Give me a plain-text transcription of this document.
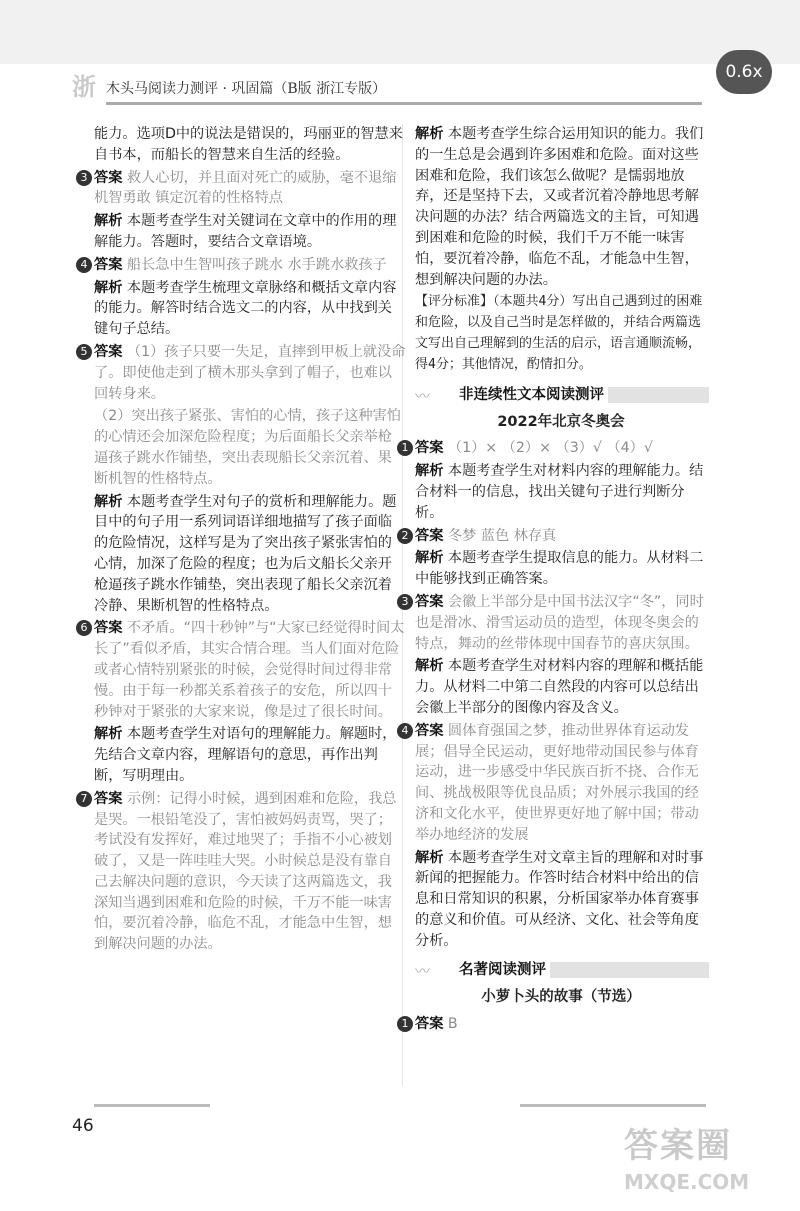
0.6x
浙 木头马阅读力测评 · 巩固篇（B版 浙江专版）
能力。选项D中的说法是错误的，玛丽亚的智慧来自书本，而船长的智慧来自生活的经验。
3 答案 救人心切，并且面对死亡的威胁，毫不退缩 机智勇敢 镇定沉着的性格特点
解析 本题考查学生对关键词在文章中的作用的理解能力。答题时，要结合文章语境。
4 答案 船长急中生智叫孩子跳水 水手跳水救孩子
解析 本题考查学生梳理文章脉络和概括文章内容的能力。解答时结合选文二的内容，从中找到关键句子总结。
5 答案 （1）孩子只要一失足，直摔到甲板上就没命了。即使他走到了横木那头拿到了帽子，也难以回转身来。
（2）突出孩子紧张、害怕的心情，孩子这种害怕的心情还会加深危险程度；为后面船长父亲举枪逼孩子跳水作铺垫，突出表现船长父亲沉着、果断机智的性格特点。
解析 本题考查学生对句子的赏析和理解能力。题目中的句子用一系列词语详细地描写了孩子面临的危险情况，这样写是为了突出孩子紧张害怕的心情，加深了危险的程度；也为后文船长父亲开枪逼孩子跳水作铺垫，突出表现了船长父亲沉着冷静、果断机智的性格特点。
6 答案 不矛盾。“四十秒钟”与“大家已经觉得时间太长了”看似矛盾，其实合情合理。当人们面对危险或者心情特别紧张的时候，会觉得时间过得非常慢。由于每一秒都关系着孩子的安危，所以四十秒钟对于紧张的大家来说，像是过了很长时间。
解析 本题考查学生对语句的理解能力。解题时，先结合文章内容，理解语句的意思，再作出判断，写明理由。
7 答案 示例：记得小时候，遇到困难和危险，我总是哭。一根铅笔没了，害怕被妈妈责骂，哭了；考试没有发挥好，难过地哭了；手指不小心被划破了，又是一阵哇哇大哭。小时候总是没有靠自己去解决问题的意识，今天读了这两篇选文，我深知当遇到困难和危险的时候，千万不能一味害怕，要沉着冷静，临危不乱，才能急中生智，想到解决问题的办法。
解析 本题考查学生综合运用知识的能力。我们的一生总是会遇到许多困难和危险。面对这些困难和危险，我们该怎么做呢？是懦弱地放弃，还是坚持下去，又或者沉着冷静地思考解决问题的办法？结合两篇选文的主旨，可知遇到困难和危险的时候，我们千万不能一味害怕，要沉着冷静，临危不乱，才能急中生智，想到解决问题的办法。
【评分标准】（本题共4分）写出自己遇到过的困难和危险，以及自己当时是怎样做的，并结合两篇选文写出自己理解到的生活的启示，语言通顺流畅，得4分；其他情况，酌情扣分。
〰 非连续性文本阅读测评
2022年北京冬奥会
1 答案 （1）× （2）× （3）√ （4）√
解析 本题考查学生对材料内容的理解能力。结合材料一的信息，找出关键句子进行判断分析。
2 答案 冬梦 蓝色 林存真
解析 本题考查学生提取信息的能力。从材料二中能够找到正确答案。
3 答案 会徽上半部分是中国书法汉字“冬”，同时也是滑冰、滑雪运动员的造型，体现冬奥会的特点，舞动的丝带体现中国春节的喜庆氛围。
解析 本题考查学生对材料内容的理解和概括能力。从材料二中第二自然段的内容可以总结出会徽上半部分的图像内容及含义。
4 答案 圆体育强国之梦，推动世界体育运动发展；倡导全民运动，更好地带动国民参与体育运动，进一步感受中华民族百折不挠、合作无间、挑战极限等优良品质；对外展示我国的经济和文化水平，使世界更好地了解中国；带动举办地经济的发展
解析 本题考查学生对文章主旨的理解和对时事新闻的把握能力。作答时结合材料中给出的信息和日常知识的积累，分析国家举办体育赛事的意义和价值。可从经济、文化、社会等角度分析。
〰 名著阅读测评
小萝卜头的故事（节选）
1 答案 B
46	答案圈
MXQE.COM
